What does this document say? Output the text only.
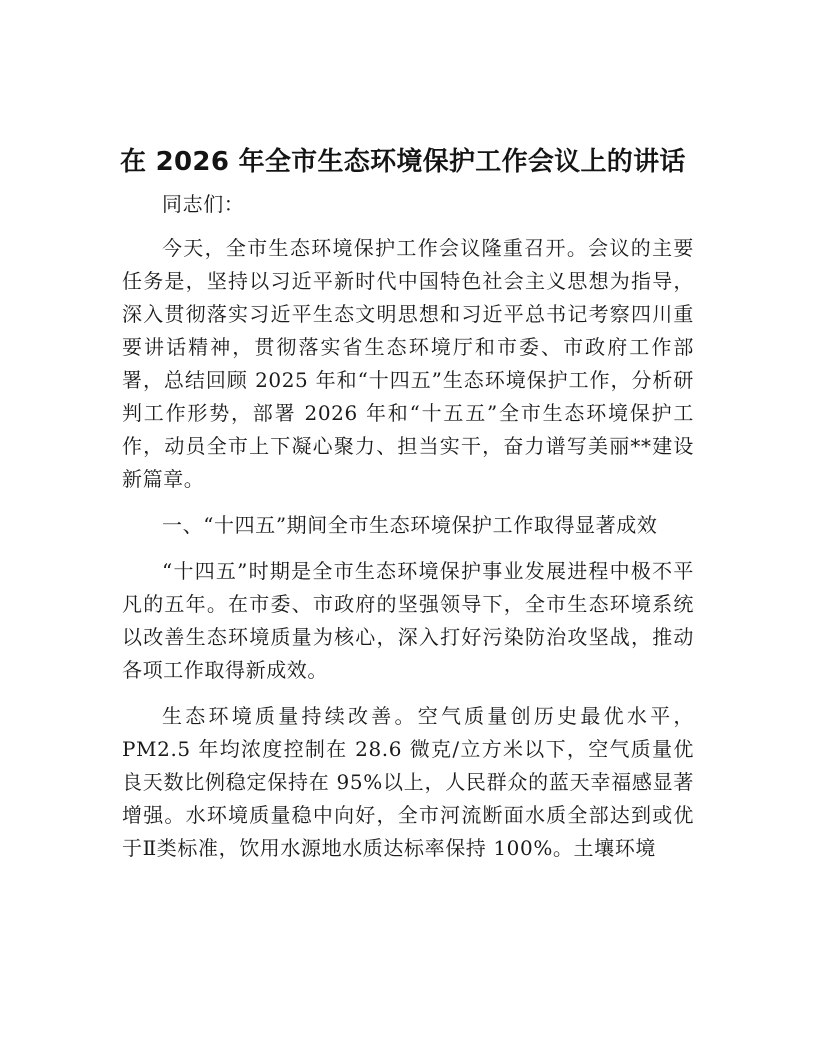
在 2026 年全市生态环境保护工作会议上的讲话

同志们：

今天，全市生态环境保护工作会议隆重召开。会议的主要任务是，坚持以习近平新时代中国特色社会主义思想为指导，深入贯彻落实习近平生态文明思想和习近平总书记考察四川重要讲话精神，贯彻落实省生态环境厅和市委、市政府工作部署，总结回顾 2025 年和“十四五”生态环境保护工作，分析研判工作形势，部署 2026 年和“十五五”全市生态环境保护工作，动员全市上下凝心聚力、担当实干，奋力谱写美丽**建设新篇章。

一、“十四五”期间全市生态环境保护工作取得显著成效

“十四五”时期是全市生态环境保护事业发展进程中极不平凡的五年。在市委、市政府的坚强领导下，全市生态环境系统以改善生态环境质量为核心，深入打好污染防治攻坚战，推动各项工作取得新成效。

生态环境质量持续改善。空气质量创历史最优水平，PM2.5 年均浓度控制在 28.6 微克/立方米以下，空气质量优良天数比例稳定保持在 95%以上，人民群众的蓝天幸福感显著增强。水环境质量稳中向好，全市河流断面水质全部达到或优于Ⅱ类标准，饮用水源地水质达标率保持 100%。土壤环境
